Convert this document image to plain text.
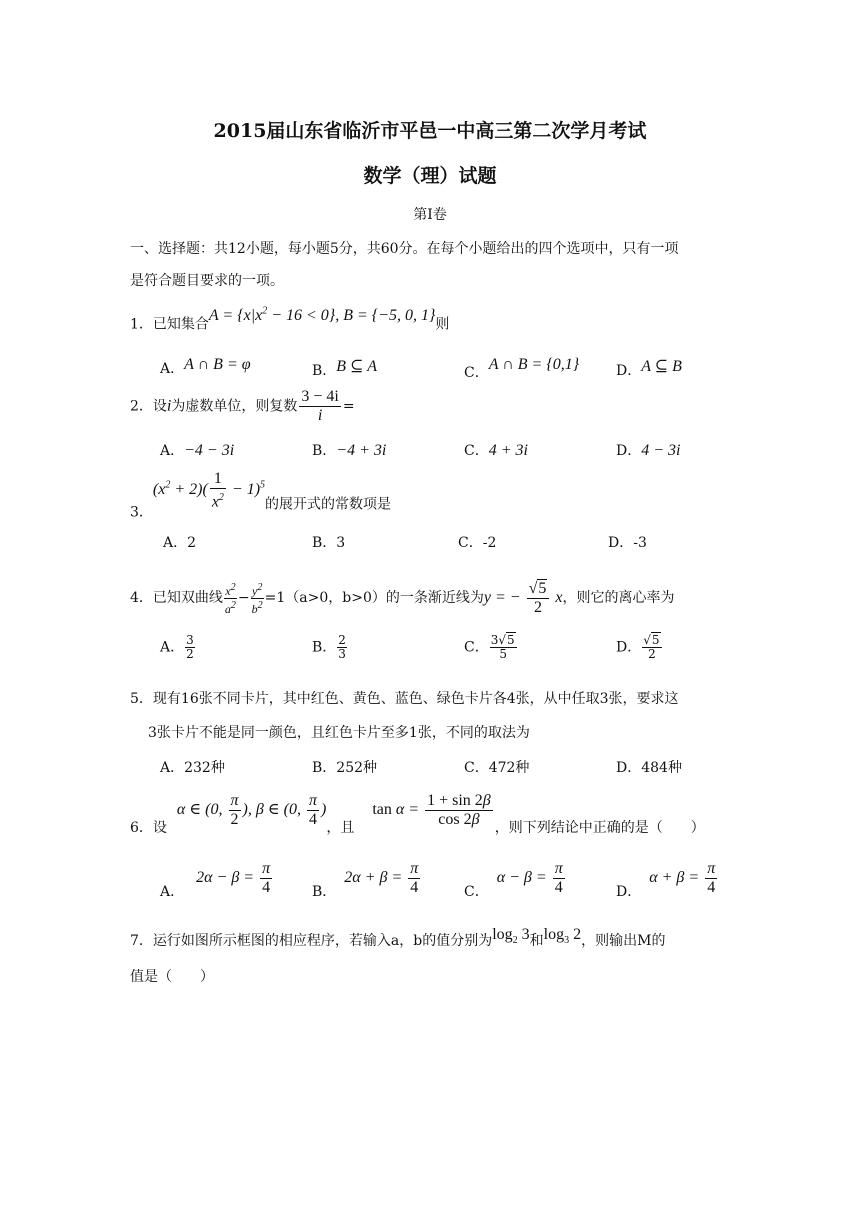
2015届山东省临沂市平邑一中高三第二次学月考试
数学（理）试题
第Ⅰ卷
一、选择题：共12小题，每小题5分，共60分。在每个小题给出的四个选项中，只有一项
是符合题目要求的一项。
1．已知集合$A = \{x|x^2 - 16 < 0\}$, B = {−5, 0, 1}则
A．A ∩ B = φ	B．B ⊆ A	C．A ∩ B = {0,1}	D．A ⊆ B
2．设i为虚数单位，则复数 $\frac{3 - 4i}{i}$ =
A．−4 − 3i	B．−4 + 3i	C．4 + 3i	D．4 − 3i
3．$(x^2 + 2)( \frac{1}{x^2} - 1)^5$的展开式的常数项是
A．2	B．3	C．-2	D．-3
4．已知双曲线 $\frac{x^2}{a^2} - \frac{y^2}{b^2} =1(a>0$，b>0）的一条渐近线为y = − $\frac{√5}{2}$ x，则它的离心率为
A． $\frac{3}{2}$	B． $\frac{2}{3}$	C． $\frac{3√5}{5}$	D． $\frac{√5}{2}$
5．现有16张不同卡片，其中红色、黄色、蓝色、绿色卡片各4张，从中任取3张，要求这
3张卡片不能是同一颜色，且红色卡片至多1张，不同的取法为
A．232种	B．252种	C．472种	D．484种
6．设α ∈ (0, $\frac{\pi}{2}$ ), β ∈ (0, $\frac{\pi}{4}$ )，且$\tan \alpha = \frac{1 + \sin 2\beta}{\cos 2\beta}$ ，则下列结论中正确的是（　　）
A．$2\alpha - \beta = \frac{\pi}{4}$	B．$2\alpha + \beta = \frac{\pi}{4}$	C．$\alpha - \beta = \frac{\pi}{4}$	D．$\alpha + \beta = \frac{\pi}{4}$
7．运行如图所示框图的相应程序，若输入a，b的值分别为$\log_2 3$和$\log_3 2$，则输出M的
值是（　　）
